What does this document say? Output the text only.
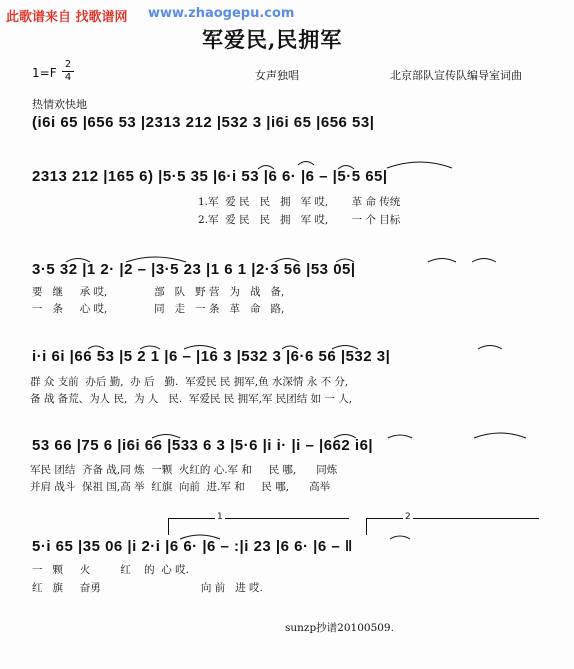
此歌谱来自 找歌谱网 www.zhaogepu.com
军爱民,民拥军
1=F
2
4	女声独唱	北京部队宣传队编导室词曲
热情欢快地
(i6i 65 |656 53 |2313 212 |532 3 |i6i 65 |656 53|
2313 212 |165 6) |5·5 35 |6·i 53 |6 6· |6 – |5·5 65|
1.军  爱 民   民   拥   军 哎,       革 命 传统
2.军  爱 民   民   拥   军 哎,       一 个 目标
3·5 32 |1 2· |2 – |3·5 23 |1 6 1 |2·3 56 |53 05|
要   继     承 哎,              部   队   野 营   为   战   备,
一   条     心 哎,              同   走   一 条   革   命   路,
i·i 6i |66 53 |5 2 1 |6 – |16 3 |532 3 |6·6 56 |532 3|
群 众 支前  办后 勤,  办 后   勤.  军爱民 民 拥军,鱼 水深情 永 不 分,
备 战 备荒、为人 民,  为 人   民.  军爱民 民 拥军,军 民团结 如 一 人,
53 66 |75 6 |i6i 66 |533 6 3 |5·6 |i i· |i – |662 i6|
军民 团结  齐备 战,同 炼  一颗  火红的 心.军 和     民 哪,      同炼
并肩 战斗  保祖 国,高 举  红旗  向前  进.军 和     民 哪,      高举
1	2
5·i 65 |35 06 |i 2·i |6 6· |6 – :|i 23 |6 6· |6 – ‖
一   颗     火         红    的  心 哎.
红   旗     奋勇                              向 前   进 哎.
sunzp抄谱20100509.
